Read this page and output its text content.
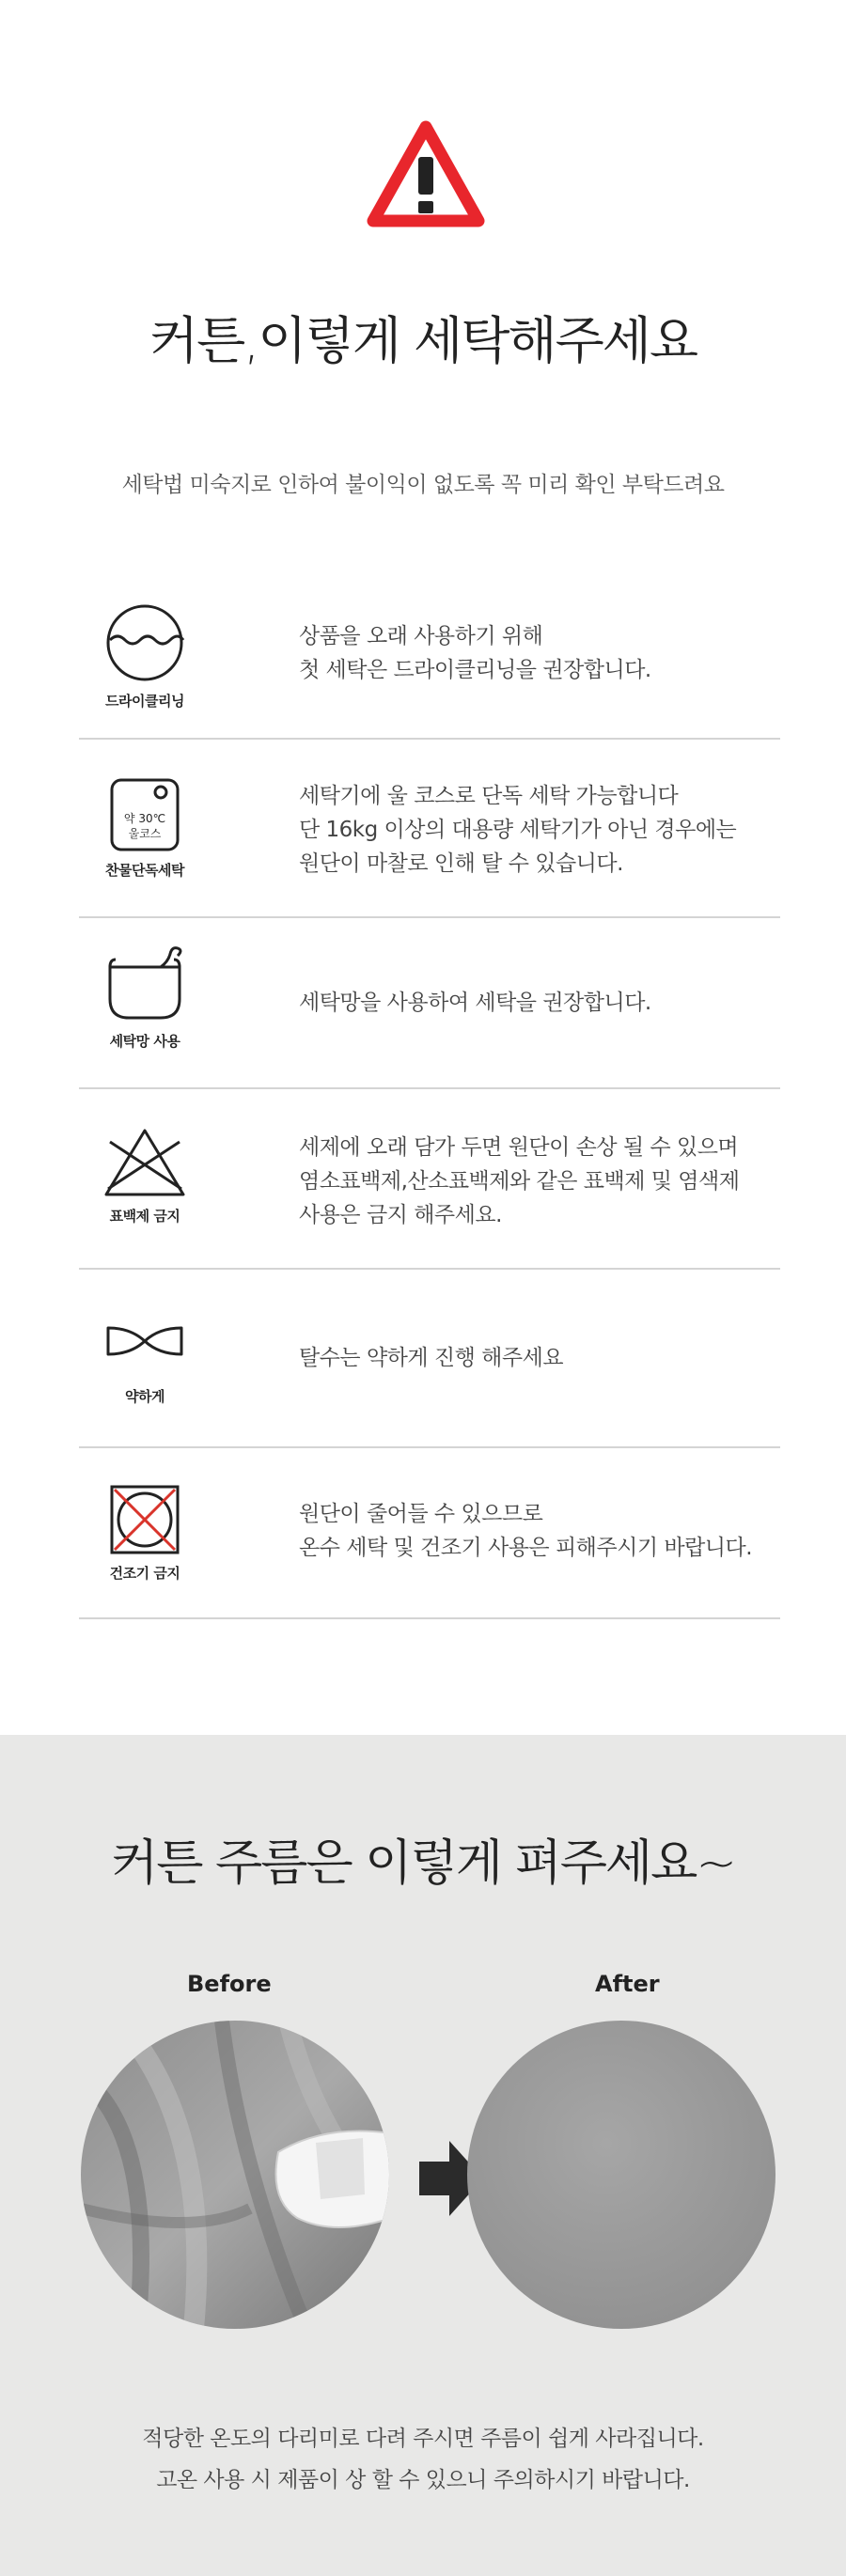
커튼,이렇게 세탁해주세요
세탁법 미숙지로 인하여 불이익이 없도록 꼭 미리 확인 부탁드려요
드라이클리닝
상품을 오래 사용하기 위해
첫 세탁은 드라이클리닝을 권장합니다.
약 30℃
울코스
찬물단독세탁
세탁기에 울 코스로 단독 세탁 가능합니다
단 16kg 이상의 대용량 세탁기가 아닌 경우에는
원단이 마찰로 인해 탈 수 있습니다.
세탁망 사용
세탁망을 사용하여 세탁을 권장합니다.
표백제 금지
세제에 오래 담가 두면 원단이 손상 될 수 있으며
염소표백제,산소표백제와 같은 표백제 및 염색제
사용은 금지 해주세요.
약하게
탈수는 약하게 진행 해주세요
건조기 금지
원단이 줄어들 수 있으므로
온수 세탁 및 건조기 사용은 피해주시기 바랍니다.
커튼 주름은 이렇게 펴주세요~
Before	After
적당한 온도의 다리미로 다려 주시면 주름이 쉽게 사라집니다.
고온 사용 시 제품이 상 할 수 있으니 주의하시기 바랍니다.
